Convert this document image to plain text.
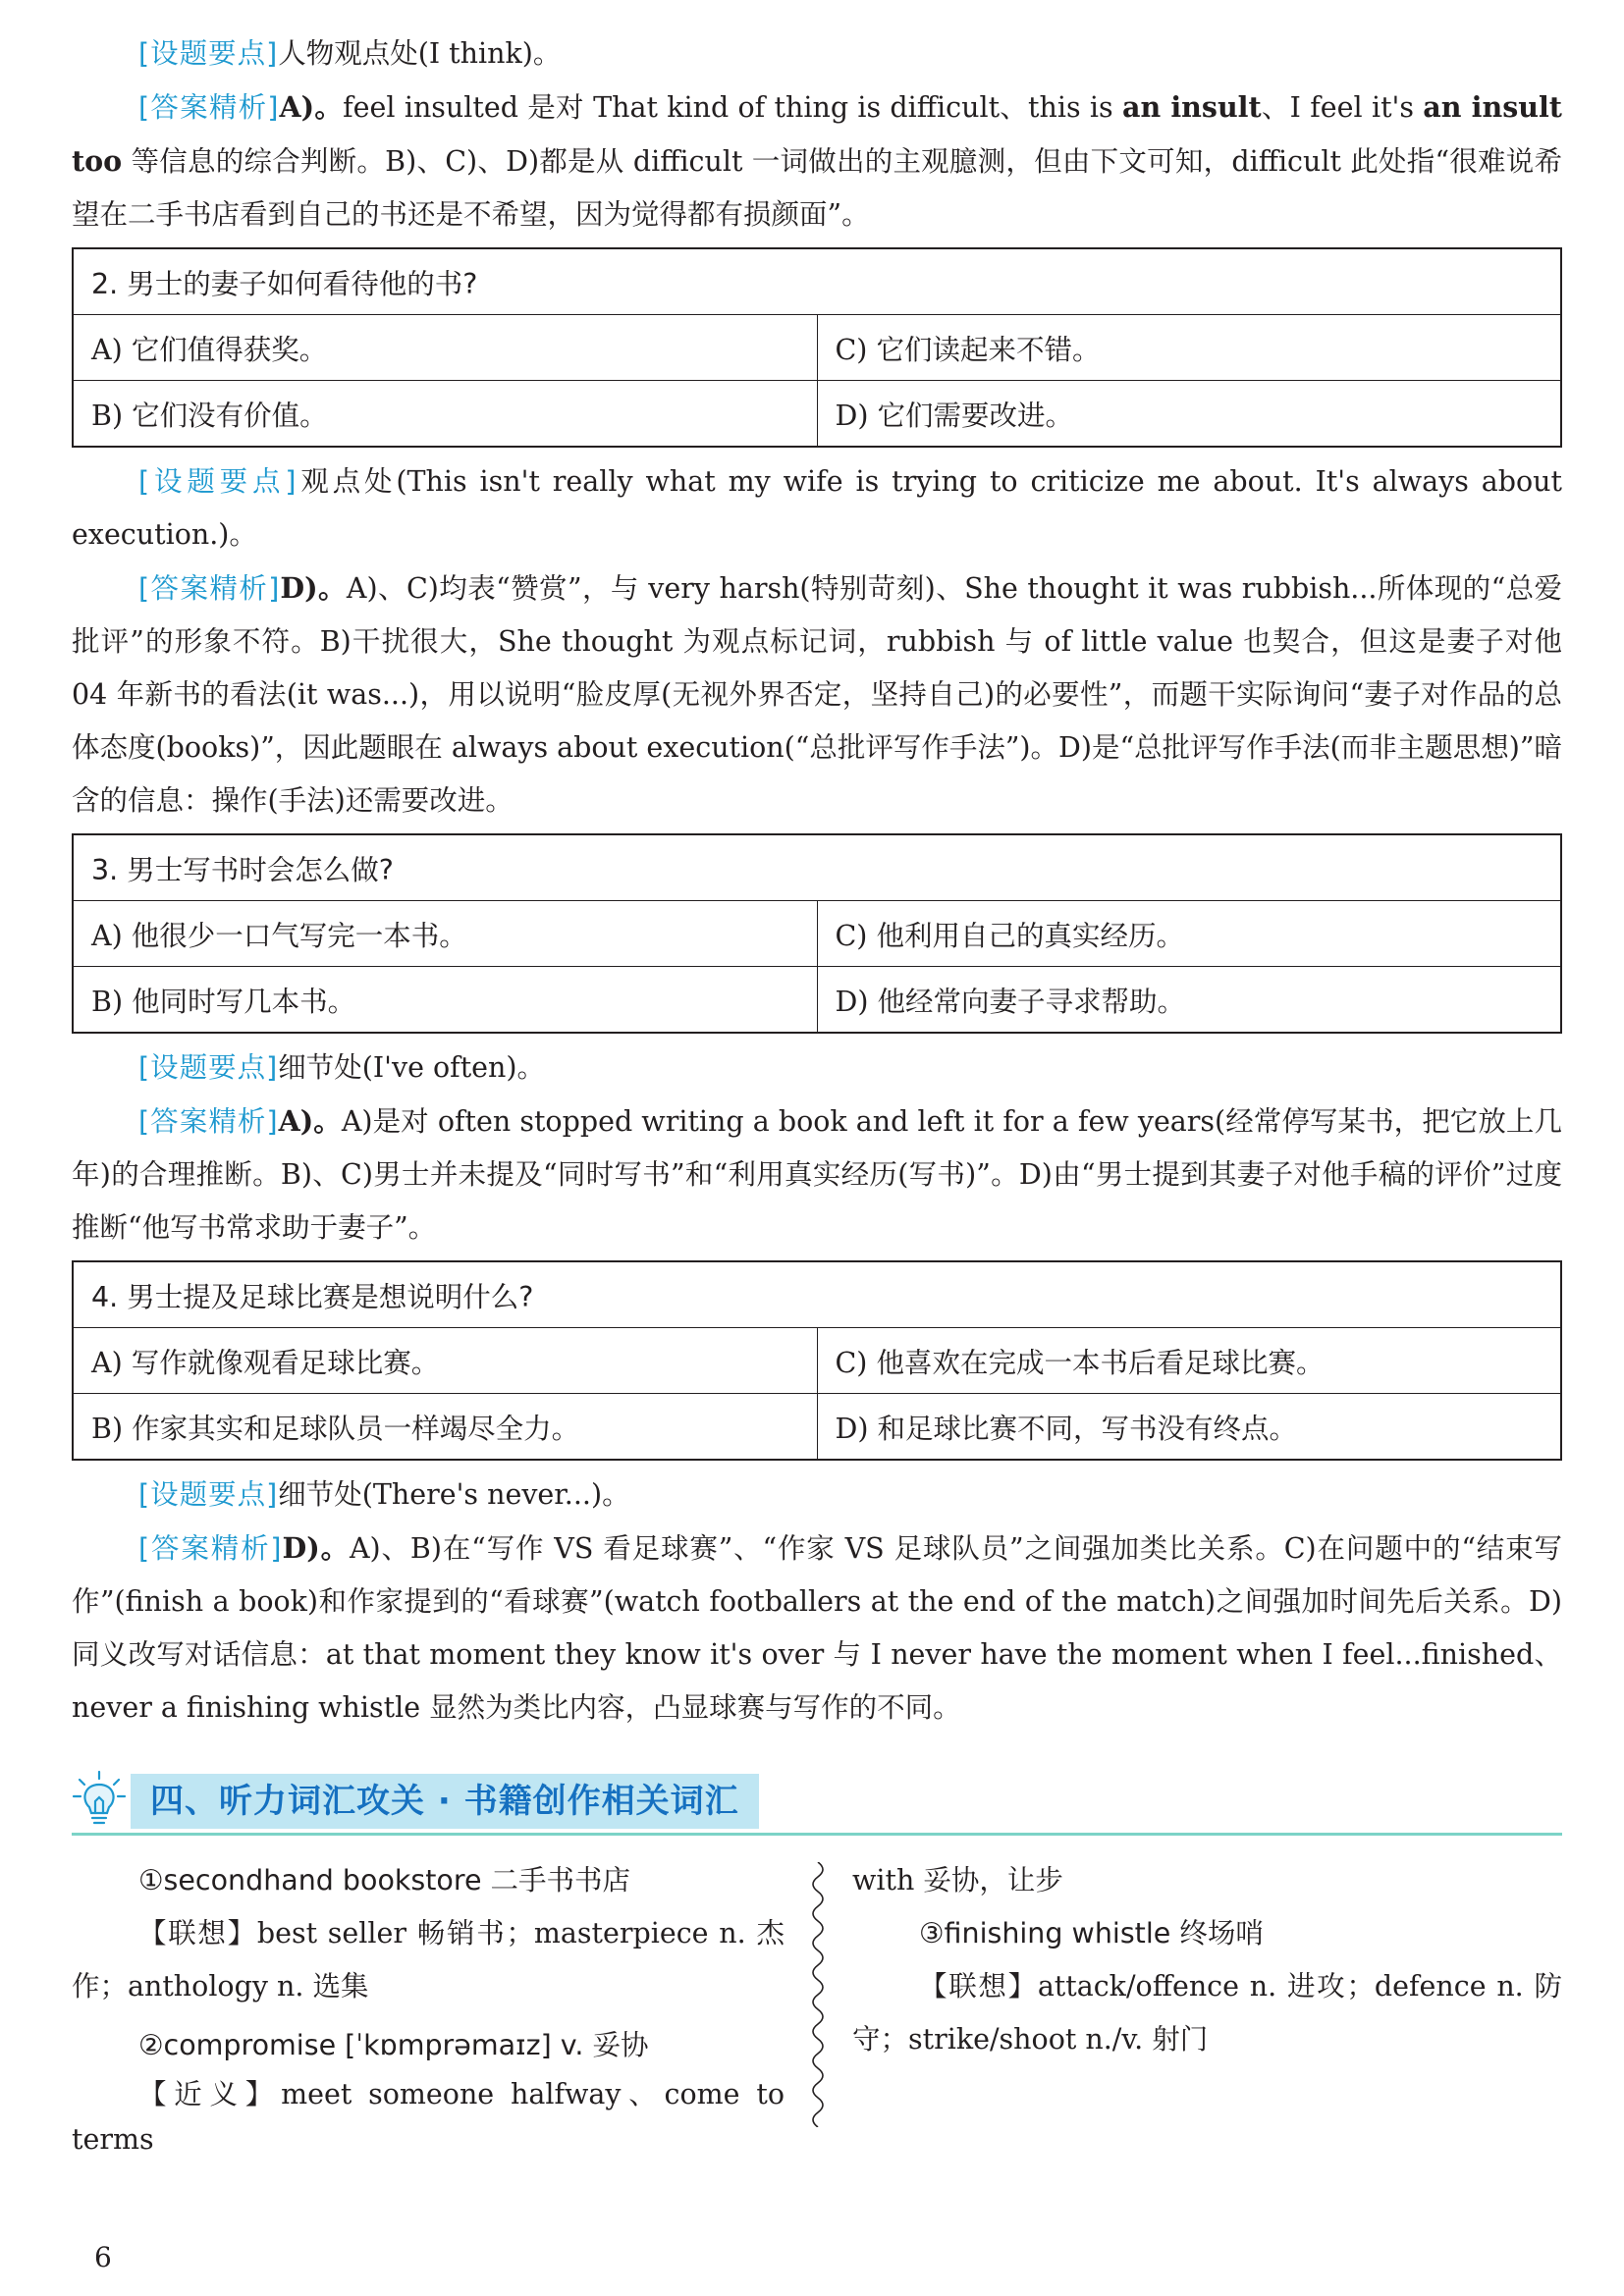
[设题要点]人物观点处(I think)。

[答案精析]A)。feel insulted 是对 That kind of thing is difficult、this is an insult、I feel it's an insult too 等信息的综合判断。B)、C)、D)都是从 difficult 一词做出的主观臆测，但由下文可知，difficult 此处指“很难说希望在二手书店看到自己的书还是不希望，因为觉得都有损颜面”。

2. 男士的妻子如何看待他的书?	
A) 它们值得获奖。	C) 它们读起来不错。
B) 它们没有价值。	D) 它们需要改进。

[设题要点]观点处(This isn't really what my wife is trying to criticize me about. It's always about execution.)。

[答案精析]D)。A)、C)均表“赞赏”，与 very harsh(特别苛刻)、She thought it was rubbish...所体现的“总爱批评”的形象不符。B)干扰很大，She thought 为观点标记词，rubbish 与 of little value 也契合，但这是妻子对他 04 年新书的看法(it was...)，用以说明“脸皮厚(无视外界否定，坚持自己)的必要性”，而题干实际询问“妻子对作品的总体态度(books)”，因此题眼在 always about execution(“总批评写作手法”)。D)是“总批评写作手法(而非主题思想)”暗含的信息：操作(手法)还需要改进。

3. 男士写书时会怎么做?	
A) 他很少一口气写完一本书。	C) 他利用自己的真实经历。
B) 他同时写几本书。	D) 他经常向妻子寻求帮助。

[设题要点]细节处(I've often)。

[答案精析]A)。A)是对 often stopped writing a book and left it for a few years(经常停写某书，把它放上几年)的合理推断。B)、C)男士并未提及“同时写书”和“利用真实经历(写书)”。D)由“男士提到其妻子对他手稿的评价”过度推断“他写书常求助于妻子”。

4. 男士提及足球比赛是想说明什么?	
A) 写作就像观看足球比赛。	C) 他喜欢在完成一本书后看足球比赛。
B) 作家其实和足球队员一样竭尽全力。	D) 和足球比赛不同，写书没有终点。

[设题要点]细节处(There's never...)。

[答案精析]D)。A)、B)在“写作 VS 看足球赛”、“作家 VS 足球队员”之间强加类比关系。C)在问题中的“结束写作”(finish a book)和作家提到的“看球赛”(watch footballers at the end of the match)之间强加时间先后关系。D)同义改写对话信息：at that moment they know it's over 与 I never have the moment when I feel...finished、never a finishing whistle 显然为类比内容，凸显球赛与写作的不同。

四、听力词汇攻关 · 书籍创作相关词汇

①secondhand bookstore 二手书书店

【联想】best seller 畅销书；masterpiece n. 杰作；anthology n. 选集

②compromise [ˈkɒmprəmaɪz] v. 妥协

【近义】meet someone halfway、come to terms

with 妥协，让步

③finishing whistle 终场哨

【联想】attack/offence n. 进攻；defence n. 防守；strike/shoot n./v. 射门

6
